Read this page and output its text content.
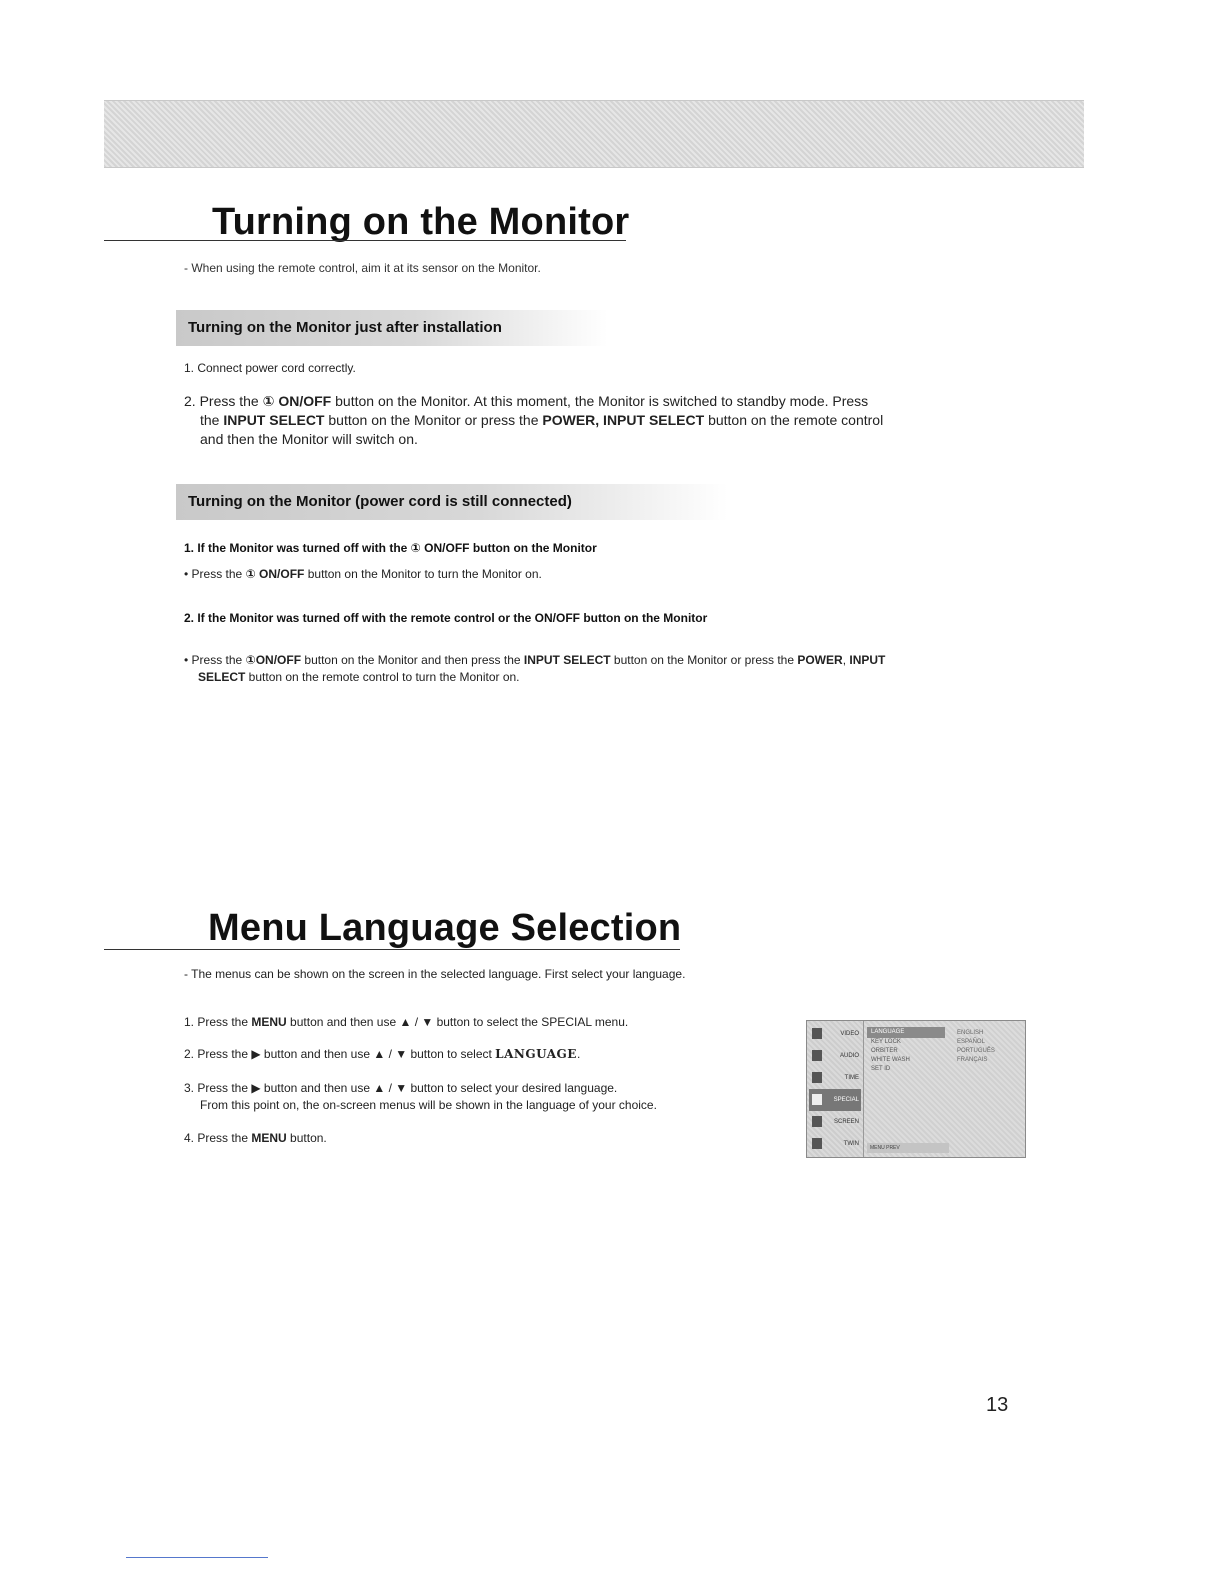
Turning on the Monitor
- When using the remote control, aim it at its sensor on the Monitor.
Turning on the Monitor just after installation
1. Connect power cord correctly.
2. Press the ① ON/OFF button on the Monitor. At this moment, the Monitor is switched to standby mode. Press the INPUT SELECT button on the Monitor or press the POWER, INPUT SELECT button on the remote control and then the Monitor will switch on.
Turning on the Monitor (power cord is still connected)
1. If the Monitor was turned off with the ① ON/OFF button on the Monitor
• Press the ① ON/OFF button on the Monitor to turn the Monitor on.
2. If the Monitor was turned off with the remote control or the ON/OFF button on the Monitor
• Press the ①ON/OFF button on the Monitor and then press the INPUT SELECT button on the Monitor or press the POWER, INPUT SELECT button on the remote control to turn the Monitor on.
Menu Language Selection
- The menus can be shown on the screen in the selected language. First select your language.
1. Press the MENU button and then use ▲ / ▼ button to select the SPECIAL menu.
2. Press the ▶ button and then use ▲ / ▼ button to select LANGUAGE.
3. Press the ▶ button and then use ▲ / ▼ button to select your desired language.
From this point on, the on-screen menus will be shown in the language of your choice.
4. Press the MENU button.
VIDEO
AUDIO
TIME
SPECIAL
SCREEN
TWIN
LANGUAGE
KEY LOCK
ORBITER
WHITE WASH
SET ID
ENGLISH
ESPAÑOL
PORTUGUÊS
FRANÇAIS
MENU PREV
13
